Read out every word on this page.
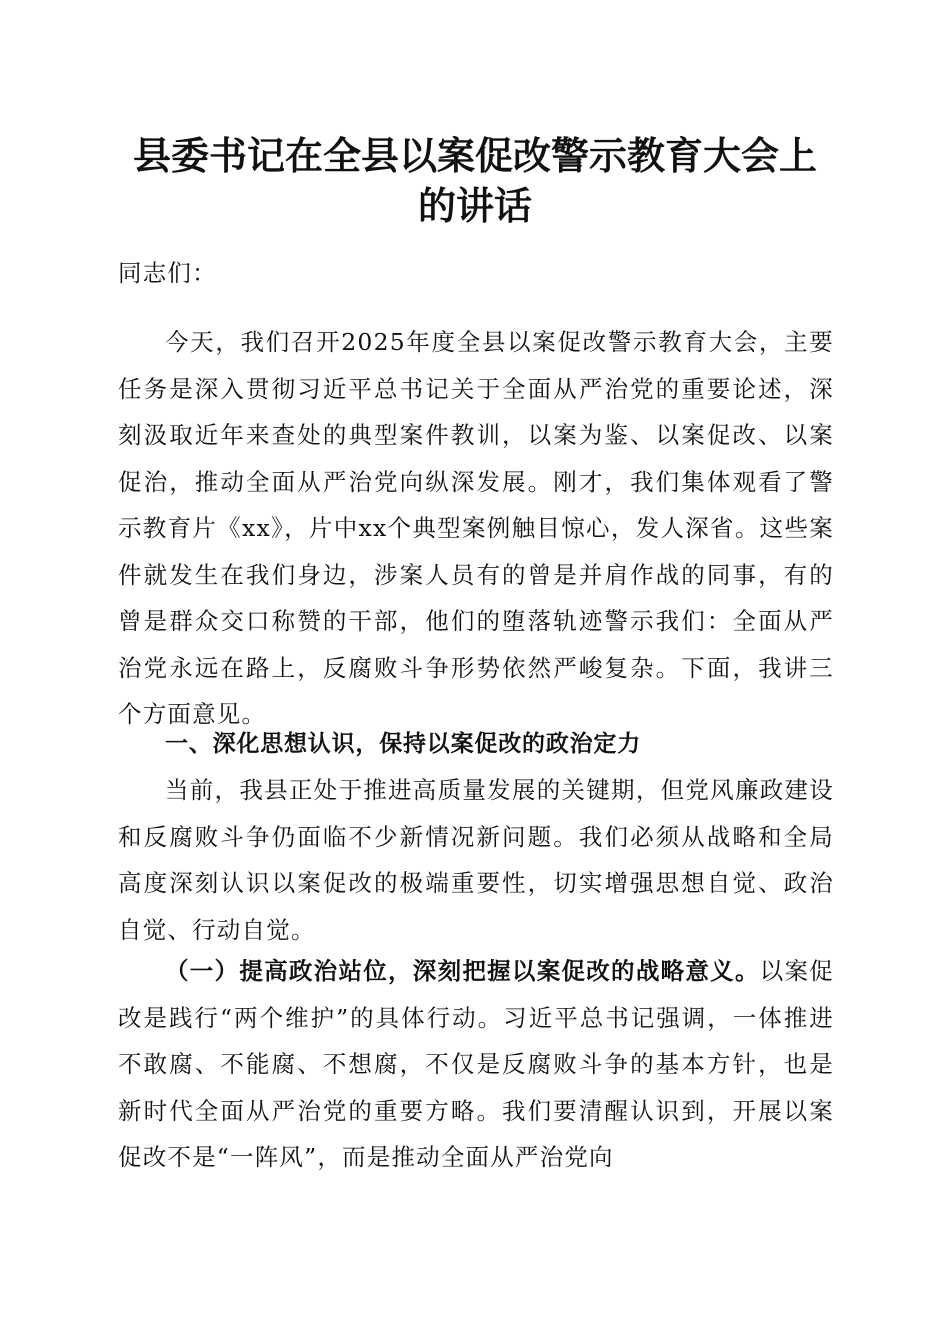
县委书记在全县以案促改警示教育大会上的讲话

同志们：

今天，我们召开2025年度全县以案促改警示教育大会，主要任务是深入贯彻习近平总书记关于全面从严治党的重要论述，深刻汲取近年来查处的典型案件教训，以案为鉴、以案促改、以案促治，推动全面从严治党向纵深发展。刚才，我们集体观看了警示教育片《xx》，片中xx个典型案例触目惊心，发人深省。这些案件就发生在我们身边，涉案人员有的曾是并肩作战的同事，有的曾是群众交口称赞的干部，他们的堕落轨迹警示我们：全面从严治党永远在路上，反腐败斗争形势依然严峻复杂。下面，我讲三个方面意见。

一、深化思想认识，保持以案促改的政治定力

当前，我县正处于推进高质量发展的关键期，但党风廉政建设和反腐败斗争仍面临不少新情况新问题。我们必须从战略和全局高度深刻认识以案促改的极端重要性，切实增强思想自觉、政治自觉、行动自觉。

（一）提高政治站位，深刻把握以案促改的战略意义。以案促改是践行“两个维护”的具体行动。习近平总书记强调，一体推进不敢腐、不能腐、不想腐，不仅是反腐败斗争的基本方针，也是新时代全面从严治党的重要方略。我们要清醒认识到，开展以案促改不是“一阵风”，而是推动全面从严治党向
